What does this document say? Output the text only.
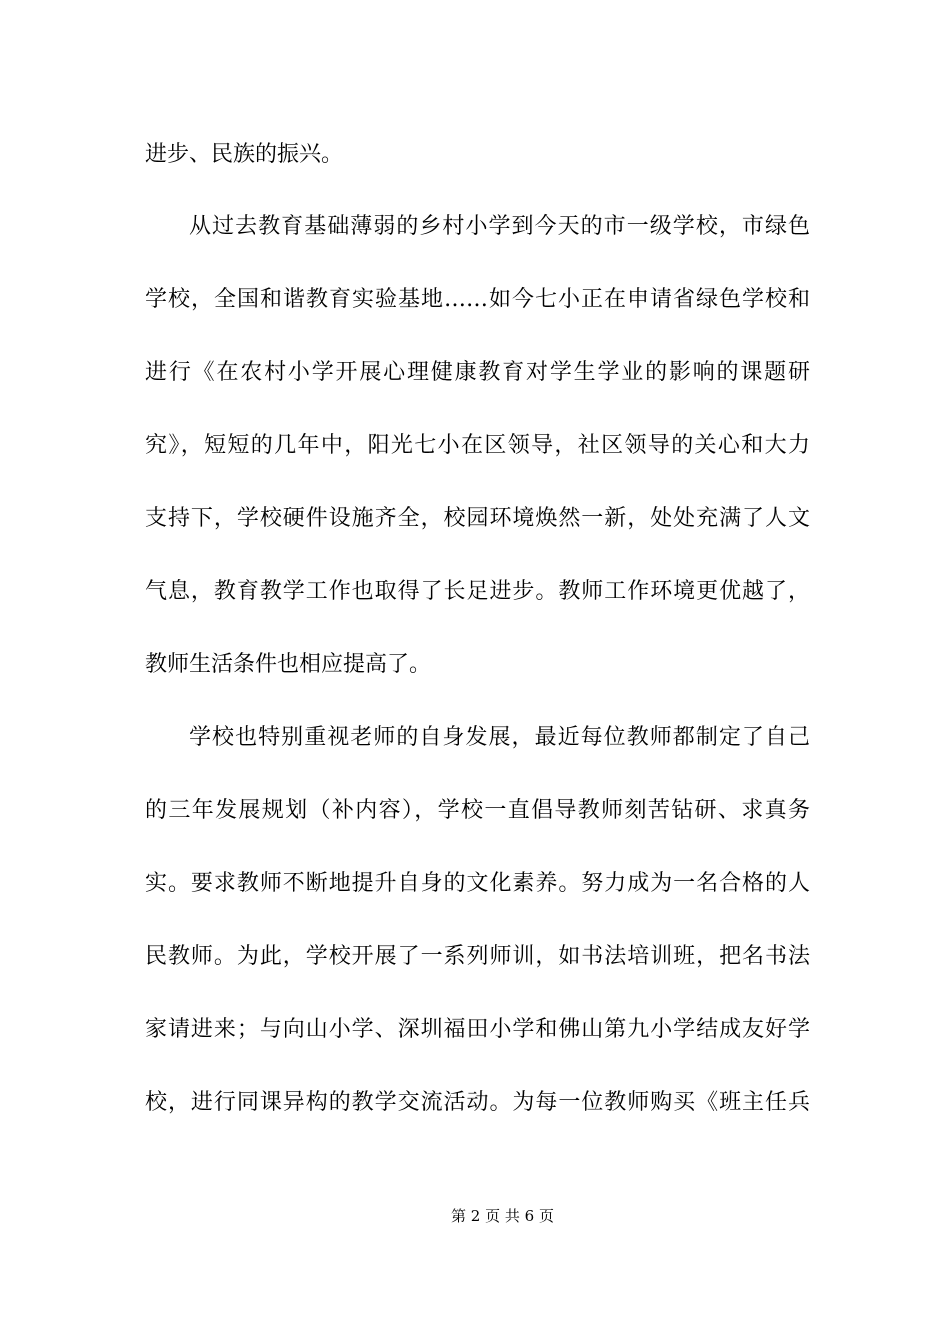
进步、民族的振兴。
从过去教育基础薄弱的乡村小学到今天的市一级学校，市绿色
学校，全国和谐教育实验基地……如今七小正在申请省绿色学校和
进行《在农村小学开展心理健康教育对学生学业的影响的课题研
究》，短短的几年中，阳光七小在区领导，社区领导的关心和大力
支持下，学校硬件设施齐全，校园环境焕然一新，处处充满了人文
气息，教育教学工作也取得了长足进步。教师工作环境更优越了，
教师生活条件也相应提高了。
学校也特别重视老师的自身发展，最近每位教师都制定了自己
的三年发展规划（补内容），学校一直倡导教师刻苦钻研、求真务
实。要求教师不断地提升自身的文化素养。努力成为一名合格的人
民教师。为此，学校开展了一系列师训，如书法培训班，把名书法
家请进来；与向山小学、深圳福田小学和佛山第九小学结成友好学
校，进行同课异构的教学交流活动。为每一位教师购买《班主任兵
第 2 页 共 6 页
